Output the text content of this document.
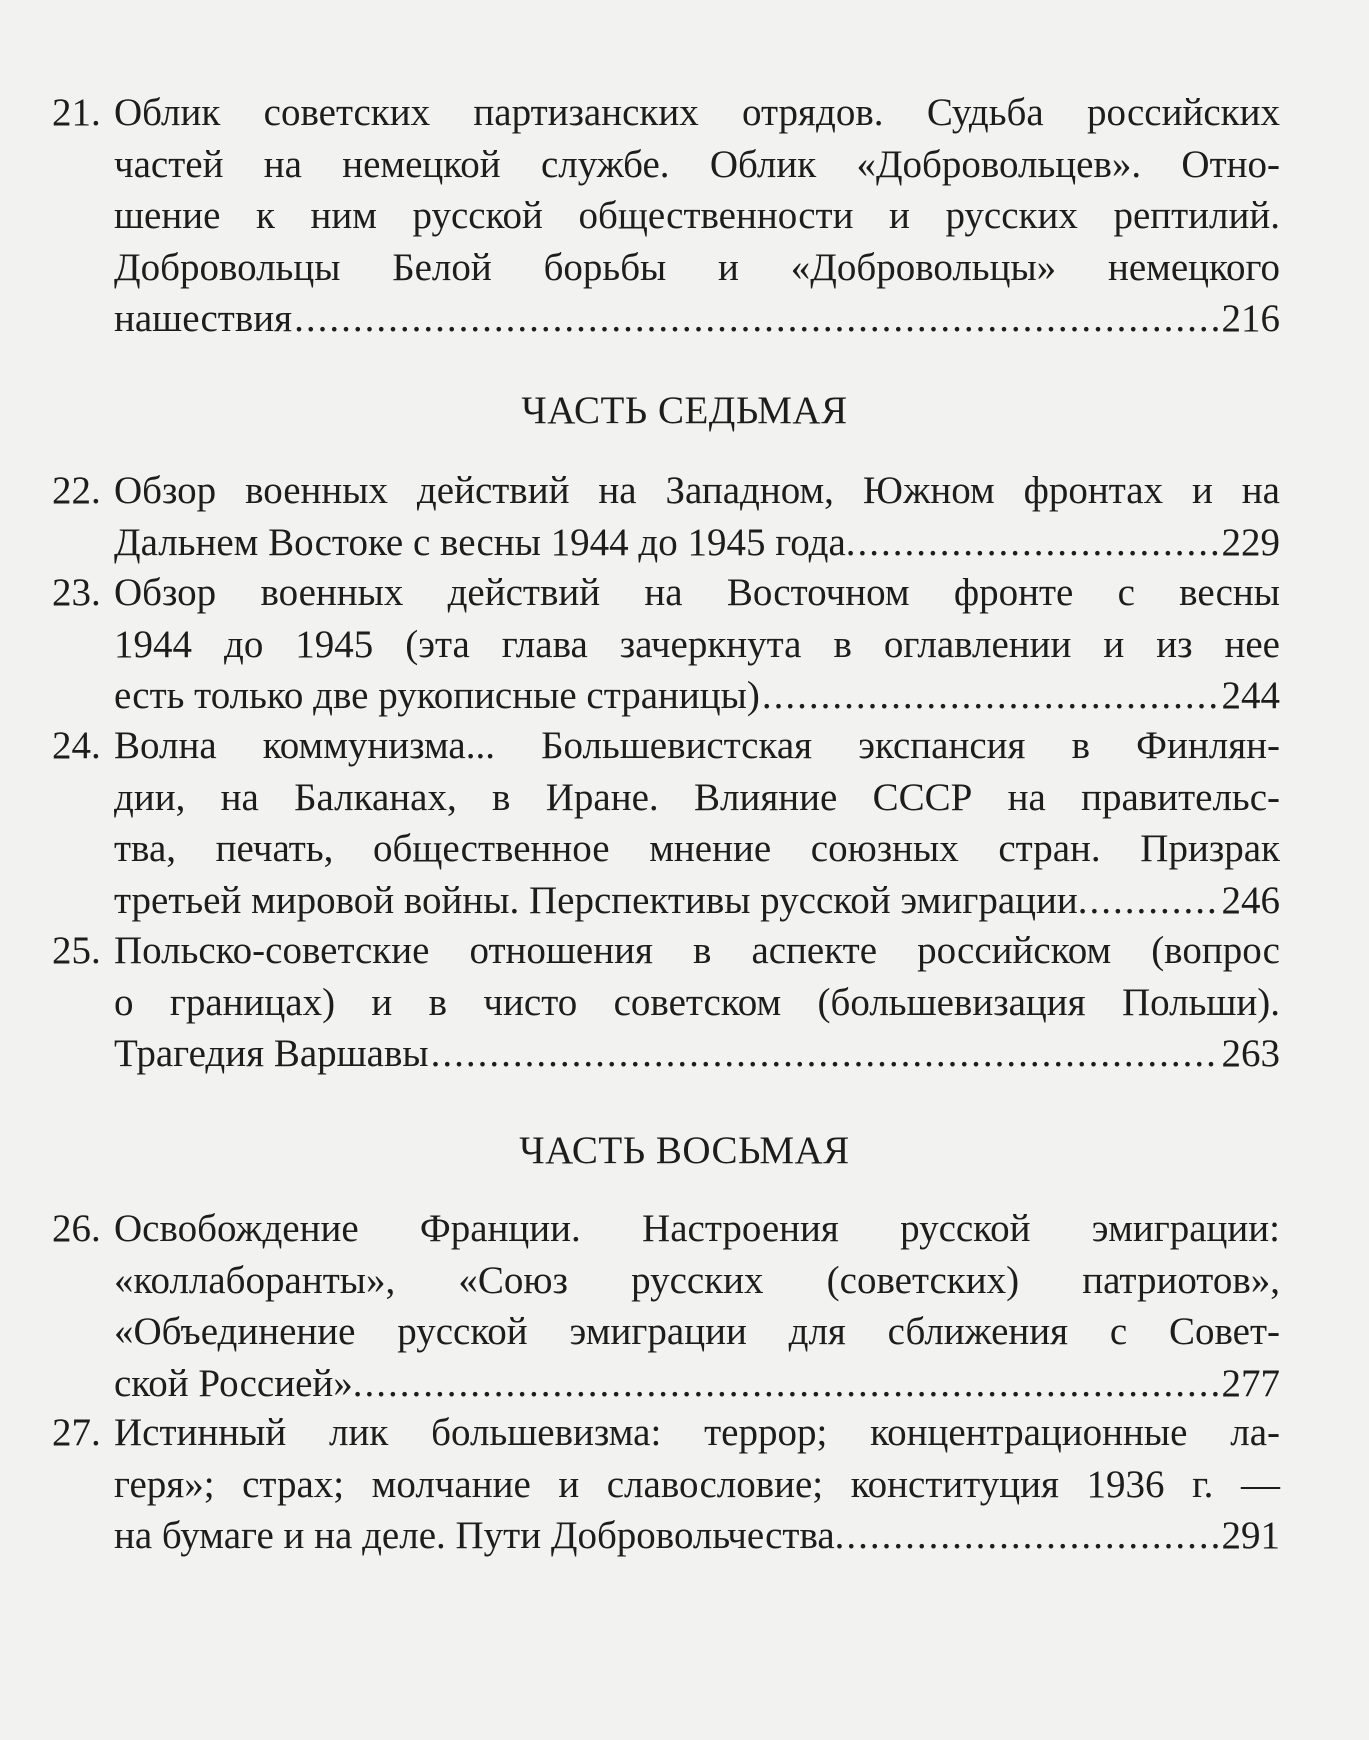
21. Облик советских партизанских отрядов. Судьба российских
частей на немецкой службе. Облик «Добровольцев». Отно-
шение к ним русской общественности и русских рептилий.
Добровольцы Белой борьбы и «Добровольцы» немецкого
нашествия .....	216
ЧАСТЬ СЕДЬМАЯ
22. Обзор военных действий на Западном, Южном фронтах и на
Дальнем Востоке с весны 1944 до 1945 года. .....	229
23. Обзор военных действий на Восточном фронте с весны
1944 до 1945 (эта глава зачеркнута в оглавлении и из нее
есть только две рукописные страницы) .....	244
24. Волна коммунизма... Большевистская экспансия в Финлян-
дии, на Балканах, в Иране. Влияние СССР на правительс-
тва, печать, общественное мнение союзных стран. Призрак
третьей мировой войны. Перспективы русской эмиграции. .....	246
25. Польско-советские отношения в аспекте российском (вопрос
о границах) и в чисто советском (большевизация Польши).
Трагедия Варшавы .....	263
ЧАСТЬ ВОСЬМАЯ
26. Освобождение Франции. Настроения русской эмиграции:
«коллаборанты», «Союз русских (советских) патриотов»,
«Объединение русской эмиграции для сближения с Совет-
ской Россией». .....	277
27. Истинный лик большевизма: террор; концентрационные ла-
геря»; страх; молчание и славословие; конституция 1936 г. —
на бумаге и на деле. Пути Добровольчества. .....	291
